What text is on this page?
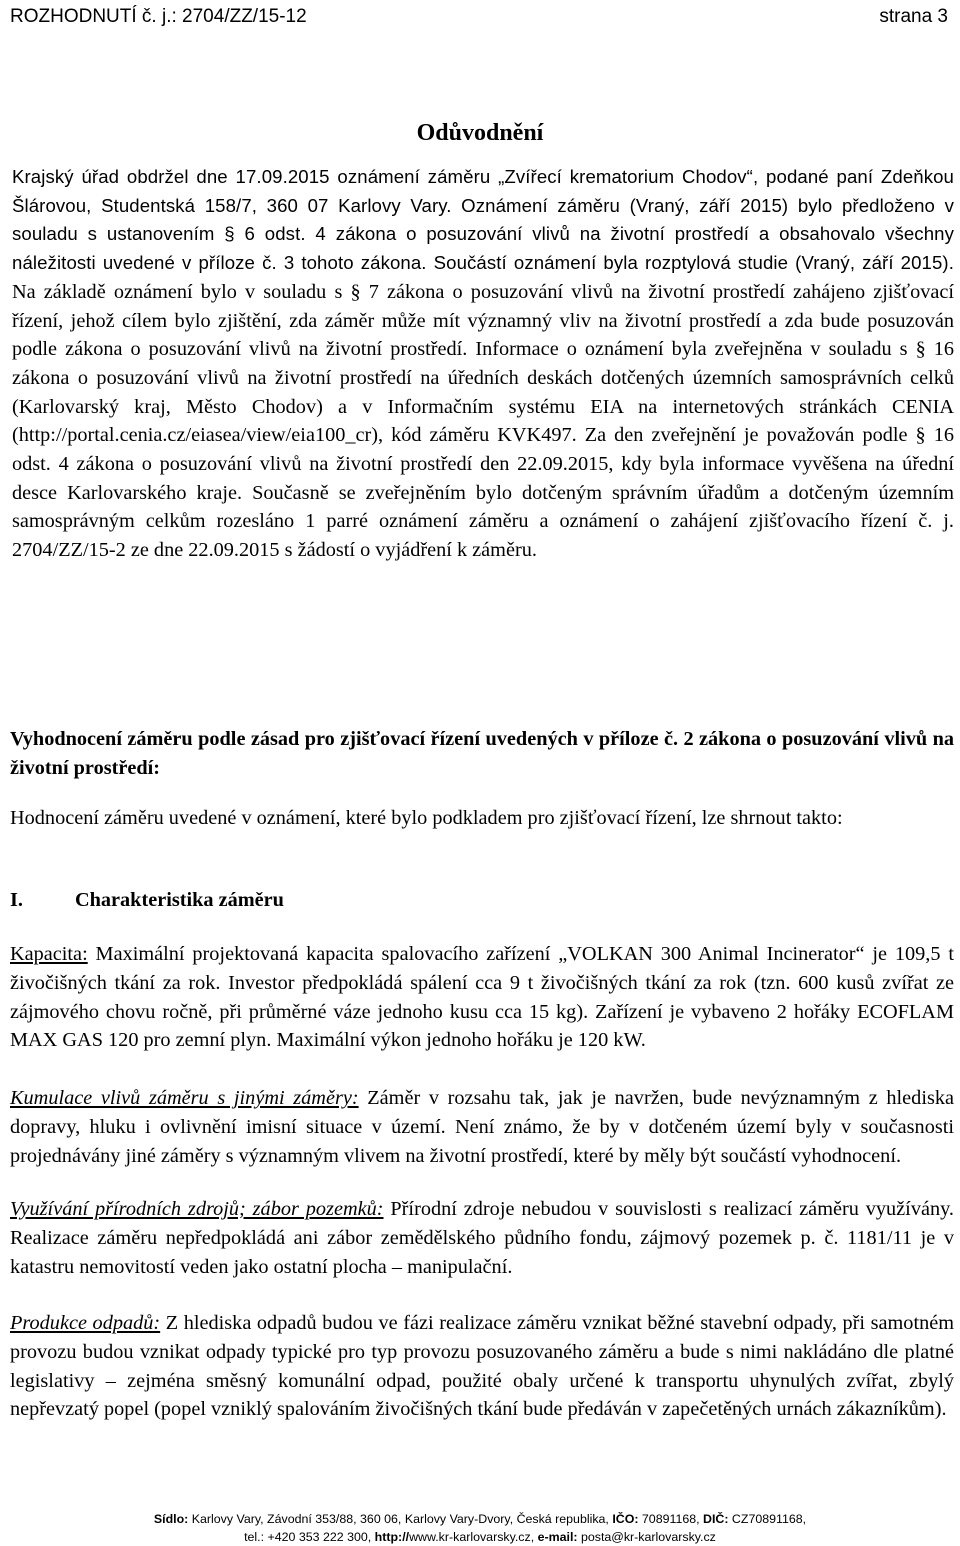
ROZHODNUTÍ č. j.: 2704/ZZ/15-12	strana 3
Odůvodnění

Krajský úřad obdržel dne 17.09.2015 oznámení záměru „Zvířecí krematorium Chodov“, podané paní Zdeňkou Šlárovou, Studentská 158/7, 360 07 Karlovy Vary. Oznámení záměru (Vraný, září 2015) bylo předloženo v souladu s ustanovením § 6 odst. 4 zákona o posuzování vlivů na životní prostředí a obsahovalo všechny náležitosti uvedené v příloze č. 3 tohoto zákona. Součástí oznámení byla rozptylová studie (Vraný, září 2015). Na základě oznámení bylo v souladu s § 7 zákona o posuzování vlivů na životní prostředí zahájeno zjišťovací řízení, jehož cílem bylo zjištění, zda záměr může mít významný vliv na životní prostředí a zda bude posuzován podle zákona o posuzování vlivů na životní prostředí. Informace o oznámení byla zveřejněna v souladu s § 16 zákona o posuzování vlivů na životní prostředí na úředních deskách dotčených územních samosprávních celků (Karlovarský kraj, Město Chodov) a v Informačním systému EIA na internetových stránkách CENIA (http://portal.cenia.cz/eiasea/view/eia100_cr), kód záměru KVK497. Za den zveřejnění je považován podle § 16 odst. 4 zákona o posuzování vlivů na životní prostředí den 22.09.2015, kdy byla informace vyvěšena na úřední desce Karlovarského kraje. Současně se zveřejněním bylo dotčeným správním úřadům a dotčeným územním samosprávným celkům rozesláno 1 parré oznámení záměru a oznámení o zahájení zjišťovacího řízení č. j. 2704/ZZ/15-2 ze dne 22.09.2015 s žádostí o vyjádření k záměru.

Vyhodnocení záměru podle zásad pro zjišťovací řízení uvedených v příloze č. 2 zákona o posuzování vlivů na životní prostředí:

Hodnocení záměru uvedené v oznámení, které bylo podkladem pro zjišťovací řízení, lze shrnout takto:

I.	Charakteristika záměru

Kapacita: Maximální projektovaná kapacita spalovacího zařízení „VOLKAN 300 Animal Incinerator“ je 109,5 t živočišných tkání za rok. Investor předpokládá spálení cca 9 t živočišných tkání za rok (tzn. 600 kusů zvířat ze zájmového chovu ročně, při průměrné váze jednoho kusu cca 15 kg). Zařízení je vybaveno 2 hořáky ECOFLAM MAX GAS 120 pro zemní plyn. Maximální výkon jednoho hořáku je 120 kW.

Kumulace vlivů záměru s jinými záměry: Záměr v rozsahu tak, jak je navržen, bude nevýznamným z hlediska dopravy, hluku i ovlivnění imisní situace v území. Není známo, že by v dotčeném území byly v současnosti projednávány jiné záměry s významným vlivem na životní prostředí, které by měly být součástí vyhodnocení.

Využívání přírodních zdrojů; zábor pozemků: Přírodní zdroje nebudou v souvislosti s realizací záměru využívány. Realizace záměru nepředpokládá ani zábor zemědělského půdního fondu, zájmový pozemek p. č. 1181/11 je v katastru nemovitostí veden jako ostatní plocha – manipulační.

Produkce odpadů: Z hlediska odpadů budou ve fázi realizace záměru vznikat běžné stavební odpady, při samotném provozu budou vznikat odpady typické pro typ provozu posuzovaného záměru a bude s nimi nakládáno dle platné legislativy – zejména směsný komunální odpad, použité obaly určené k transportu uhynulých zvířat, zbylý nepřevzatý popel (popel vzniklý spalováním živočišných tkání bude předáván v zapečetěných urnách zákazníkům).

Sídlo: Karlovy Vary, Závodní 353/88, 360 06, Karlovy Vary-Dvory, Česká republika, IČO: 70891168, DIČ: CZ70891168,
tel.: +420 353 222 300, http://www.kr-karlovarsky.cz, e-mail: posta@kr-karlovarsky.cz
